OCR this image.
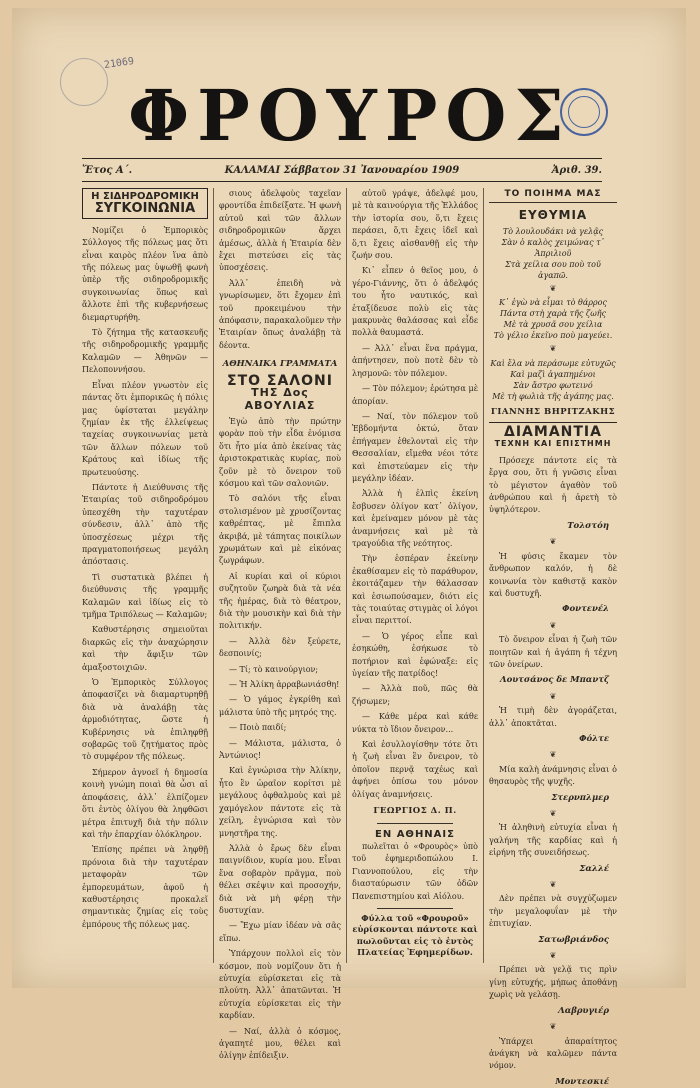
21069
ΦΡΟΥΡΟΣ
Ἔτος Α΄.	ΚΑΛΑΜΑΙ Σάββατον 31 Ἰανουαρίου 1909	Ἀριθ. 39.
Η ΣΙΔΗΡΟΔΡΟΜΙΚΗ
ΣΥΓΚΟΙΝΩΝΙΑ

Νομίζει ὁ Ἐμπορικὸς Σύλλογος τῆς πόλεως μας ὅτι εἶναι καιρὸς πλέον ἵνα ἀπὸ τῆς πόλεως μας ὑψωθῇ φωνὴ ὑπὲρ τῆς σιδηροδρομικῆς συγκοινωνίας ὅπως καὶ ἄλλοτε ἐπὶ τῆς κυβερνήσεως διεμαρτυρήθη.

Τὸ ζήτημα τῆς κατασκευῆς τῆς σιδηροδρομικῆς γραμμῆς Καλαμῶν — Ἀθηνῶν — Πελοποννήσου.

Εἶναι πλέον γνωστὸν εἰς πάντας ὅτι ἐμπορικῶς ἡ πόλις μας ὑφίσταται μεγάλην ζημίαν ἐκ τῆς ἐλλείψεως ταχείας συγκοινωνίας μετὰ τῶν ἄλλων πόλεων τοῦ Κράτους καὶ ἰδίως τῆς πρωτευούσης.

Πάντοτε ἡ Διεύθυνσις τῆς Ἑταιρίας τοῦ σιδηροδρόμου ὑπεσχέθη τὴν ταχυτέραν σύνδεσιν, ἀλλ᾽ ἀπὸ τῆς ὑποσχέσεως μέχρι τῆς πραγματοποιήσεως μεγάλη ἀπόστασις.

Τὶ συστατικὰ βλέπει ἡ διεύθυνσις τῆς γραμμῆς Καλαμῶν καὶ ἰδίως εἰς τὸ τμῆμα Τριπόλεως — Καλαμῶν;

Καθυστέρησις σημειοῦται διαρκῶς εἰς τὴν ἀναχώρησιν καὶ τὴν ἄφιξιν τῶν ἀμαξοστοιχιῶν.

Ὁ Ἐμπορικὸς Σύλλογος ἀποφασίζει νὰ διαμαρτυρηθῇ διὰ νὰ ἀναλάβῃ τὰς ἀρμοδιότητας, ὥστε ἡ Κυβέρνησις νὰ ἐπιληφθῇ σοβαρῶς τοῦ ζητήματος πρὸς τὸ συμφέρον τῆς πόλεως.

Σήμερον ἀγνοεῖ ἡ δημοσία κοινὴ γνώμη ποιαὶ θὰ ὦσι αἱ ἀποφάσεις, ἀλλ᾽ ἐλπίζομεν ὅτι ἐντὸς ὀλίγου θὰ ληφθῶσι μέτρα ἐπιτυχῆ διὰ τὴν πόλιν καὶ τὴν ἐπαρχίαν ὁλόκληρον.

Ἐπίσης πρέπει νὰ ληφθῇ πρόνοια διὰ τὴν ταχυτέραν μεταφορὰν τῶν ἐμπορευμάτων, ἀφοῦ ἡ καθυστέρησις προκαλεῖ σημαντικὰς ζημίας εἰς τοὺς ἐμπόρους τῆς πόλεως μας.

σιους ἀδελφοὺς ταχεῖαν φροντίδα ἐπιδείξατε. Ἡ φωνὴ αὐτοῦ καὶ τῶν ἄλλων σιδηροδρομικῶν ἄρχει ἀμέσως, ἀλλὰ ἡ Ἑταιρία δὲν ἔχει πιστεύσει εἰς τὰς ὑποσχέσεις.

Ἀλλ᾽ ἐπειδὴ νὰ γνωρίσωμεν, ὅτι ἔχομεν ἐπὶ τοῦ προκειμένου τὴν ἀπόφασιν, παρακαλοῦμεν τὴν Ἑταιρίαν ὅπως ἀναλάβῃ τὰ δέοντα.

ΑΘΗΝΑΙΚΑ ΓΡΑΜΜΑΤΑ
ΣΤΟ ΣΑΛΟΝΙ
ΤΗΣ Δος ΑΒΟΥΛΙΑΣ

Ἐγὼ ἀπὸ τὴν πρώτην φορὰν ποὺ τὴν εἶδα ἐνόμισα ὅτι ἦτο μία ἀπὸ ἐκείνας τὰς ἀριστοκρατικὰς κυρίας, ποὺ ζοῦν μὲ τὸ ὄνειρον τοῦ κόσμου καὶ τῶν σαλονιῶν.

Τὸ σαλόνι τῆς εἶναι στολισμένον μὲ χρυσίζοντας καθρέπτας, μὲ ἔπιπλα ἀκριβά, μὲ τάπητας ποικίλων χρωμάτων καὶ μὲ εἰκόνας ζωγράφων.

Αἱ κυρίαι καὶ οἱ κύριοι συζητοῦν ζωηρὰ διὰ τὰ νέα τῆς ἡμέρας, διὰ τὸ θέατρον, διὰ τὴν μουσικὴν καὶ διὰ τὴν πολιτικήν.

— Ἀλλὰ δὲν ξεύρετε, δεσποινίς;

— Τί; τὸ καινούργιον;

— Ἡ Ἀλίκη ἀρραβωνιάσθη!

— Ὁ γάμος ἐγκρίθη καὶ μάλιστα ὑπὸ τῆς μητρός της.

— Ποιὸ παιδί;

— Μάλιστα, μάλιστα, ὁ Ἀντώνιος!

Καὶ ἐγνώρισα τὴν Ἀλίκην, ἦτο ἓν ὡραῖον κορίτσι μὲ μεγάλους ὀφθαλμοὺς καὶ μὲ χαμόγελον πάντοτε εἰς τὰ χείλη, ἐγνώρισα καὶ τὸν μνηστῆρα της.

Ἀλλὰ ὁ ἔρως δὲν εἶναι παιγνίδιον, κυρία μου. Εἶναι ἕνα σοβαρὸν πρᾶγμα, ποὺ θέλει σκέψιν καὶ προσοχήν, διὰ νὰ μὴ φέρῃ τὴν δυστυχίαν.

— Ἔχω μίαν ἰδέαν νὰ σᾶς εἴπω.

Ὑπάρχουν πολλοὶ εἰς τὸν κόσμον, ποὺ νομίζουν ὅτι ἡ εὐτυχία εὑρίσκεται εἰς τὰ πλούτη. Ἀλλ᾽ ἀπατῶνται. Ἡ εὐτυχία εὑρίσκεται εἰς τὴν καρδίαν.

— Ναί, ἀλλὰ ὁ κόσμος, ἀγαπητέ μου, θέλει καὶ ὀλίγην ἐπίδειξιν.

αὐτοῦ γράψε, ἀδελφέ μου, μὲ τὰ καινούργια τῆς Ἑλλάδος τὴν ἱστορία σου, ὅ,τι ἔχεις περάσει, ὅ,τι ἔχεις ἰδεῖ καὶ ὅ,τι ἔχεις αἰσθανθῇ εἰς τὴν ζωήν σου.

Κι᾽ εἶπεν ὁ θεῖος μου, ὁ γέρο-Γιάννης, ὅτι ὁ ἀδελφός του ἦτο ναυτικός, καὶ ἐταξίδευσε πολὺ εἰς τὰς μακρυνὰς θαλάσσας καὶ εἶδε πολλὰ θαυμαστά.

— Ἀλλ᾽ εἶναι ἕνα πράγμα, ἀπήντησεν, ποὺ ποτὲ δὲν τὸ λησμονῶ: τὸν πόλεμον.

— Τὸν πόλεμον; ἐρώτησα μὲ ἀπορίαν.

— Ναί, τὸν πόλεμον τοῦ Ἑβδομήντα ὀκτώ, ὅταν ἐπήγαμεν ἐθελονταὶ εἰς τὴν Θεσσαλίαν, εἴμεθα νέοι τότε καὶ ἐπιστεύαμεν εἰς τὴν μεγάλην ἰδέαν.

Ἀλλὰ ἡ ἐλπὶς ἐκείνη ἔσβυσεν ὀλίγον κατ᾽ ὀλίγον, καὶ ἐμείναμεν μόνον μὲ τὰς ἀναμνήσεις καὶ μὲ τὰ τραγούδια τῆς νεότητος.

Τὴν ἑσπέραν ἐκείνην ἐκαθίσαμεν εἰς τὸ παράθυρον, ἐκοιτάζαμεν τὴν θάλασσαν καὶ ἐσιωπούσαμεν, διότι εἰς τὰς τοιαύτας στιγμὰς οἱ λόγοι εἶναι περιττοί.

— Ὁ γέρος εἶπε καὶ ἐσηκώθη, ἐσήκωσε τὸ ποτήριον καὶ ἐφώναξε: εἰς ὑγείαν τῆς πατρίδος!

— Ἀλλὰ ποῦ, πῶς θὰ ζήσωμεν;

— Κάθε μέρα καὶ κάθε νύκτα τὸ ἴδιον ὄνειρον...

Καὶ ἐσυλλογίσθην τότε ὅτι ἡ ζωὴ εἶναι ἓν ὄνειρον, τὸ ὁποῖον περνᾷ ταχέως καὶ ἀφήνει ὀπίσω του μόνον ὀλίγας ἀναμνήσεις.

ΓΕΩΡΓΙΟΣ Δ. Π.
ΕΝ ΑΘΗΝΑΙΣ

πωλεῖται ὁ «Φρουρὸς» ὑπὸ τοῦ ἐφημεριδοπώλου Ι. Γιαννοπούλου, εἰς τὴν διασταύρωσιν τῶν ὁδῶν Πανεπιστημίου καὶ Αἰόλου.

Φύλλα τοῦ «Φρουροῦ» εὑρίσκονται πάντοτε καὶ πωλοῦνται εἰς τὸ ἐντὸς Πλατείας Ἐφημερίδων.
ΤΟ ΠΟΙΗΜΑ ΜΑΣ
ΕΥΘΥΜΙΑ
Τὸ λουλουδάκι νὰ γελᾷς
Σὰν ὁ καλὸς χειμώνας τ᾽ Ἀπριλιοῦ
Στὰ χείλια σου ποὺ τοῦ ἀγαπῶ.
❦
Κ᾽ ἐγὼ νὰ εἶμαι τὸ θάρρος
Πάντα στὴ χαρὰ τῆς ζωῆς
Μὲ τὰ χρυσᾶ σου χείλια
Τὸ γέλιο ἐκεῖνο ποὺ μαγεύει.
❦
Καὶ ἔλα νὰ περάσωμε εὐτυχῶς
Καὶ μαζὶ ἀγαπημένοι
Σὰν ἄστρο φωτεινό
Μὲ τὴ φωλιὰ τῆς ἀγάπης μας.
ΓΙΑΝΝΗΣ ΒΗΡΙΤΖΑΚΗΣ
ΔΙΑΜΑΝΤΙΑ
ΤΕΧΝΗ ΚΑΙ ΕΠΙΣΤΗΜΗ

Πρόσεχε πάντοτε εἰς τὰ ἔργα σου, ὅτι ἡ γνῶσις εἶναι τὸ μέγιστον ἀγαθὸν τοῦ ἀνθρώπου καὶ ἡ ἀρετὴ τὸ ὑψηλότερον.

Τολστόη
❦

Ἡ φύσις ἔκαμεν τὸν ἄνθρωπον καλόν, ἡ δὲ κοινωνία τὸν καθιστᾷ κακὸν καὶ δυστυχῆ.

Φοντενέλ
❦

Τὸ ὄνειρον εἶναι ἡ ζωὴ τῶν ποιητῶν καὶ ἡ ἀγάπη ἡ τέχνη τῶν ὀνείρων.

Λουτσάνος δε Μπαντζ
❦

Ἡ τιμὴ δὲν ἀγοράζεται, ἀλλ᾽ ἀποκτᾶται.

Φόλτε
❦

Μία καλὴ ἀνάμνησις εἶναι ὁ θησαυρὸς τῆς ψυχῆς.

Στερνπλμερ
❦

Ἡ ἀληθινὴ εὐτυχία εἶναι ἡ γαλήνη τῆς καρδίας καὶ ἡ εἰρήνη τῆς συνειδήσεως.

Σαλλέ
❦

Δὲν πρέπει νὰ συγχύζωμεν τὴν μεγαλοφυΐαν μὲ τὴν ἐπιτυχίαν.

Σατωβριάνδος
❦

Πρέπει νὰ γελᾷ τις πρὶν γίνῃ εὐτυχής, μήπως ἀποθάνῃ χωρὶς νὰ γελάσῃ.

Λαβρυγιέρ
❦

Ὑπάρχει ἀπαραίτητος ἀνάγκη νὰ καλῶμεν πάντα νόμον.

Μοντεσκιέ
